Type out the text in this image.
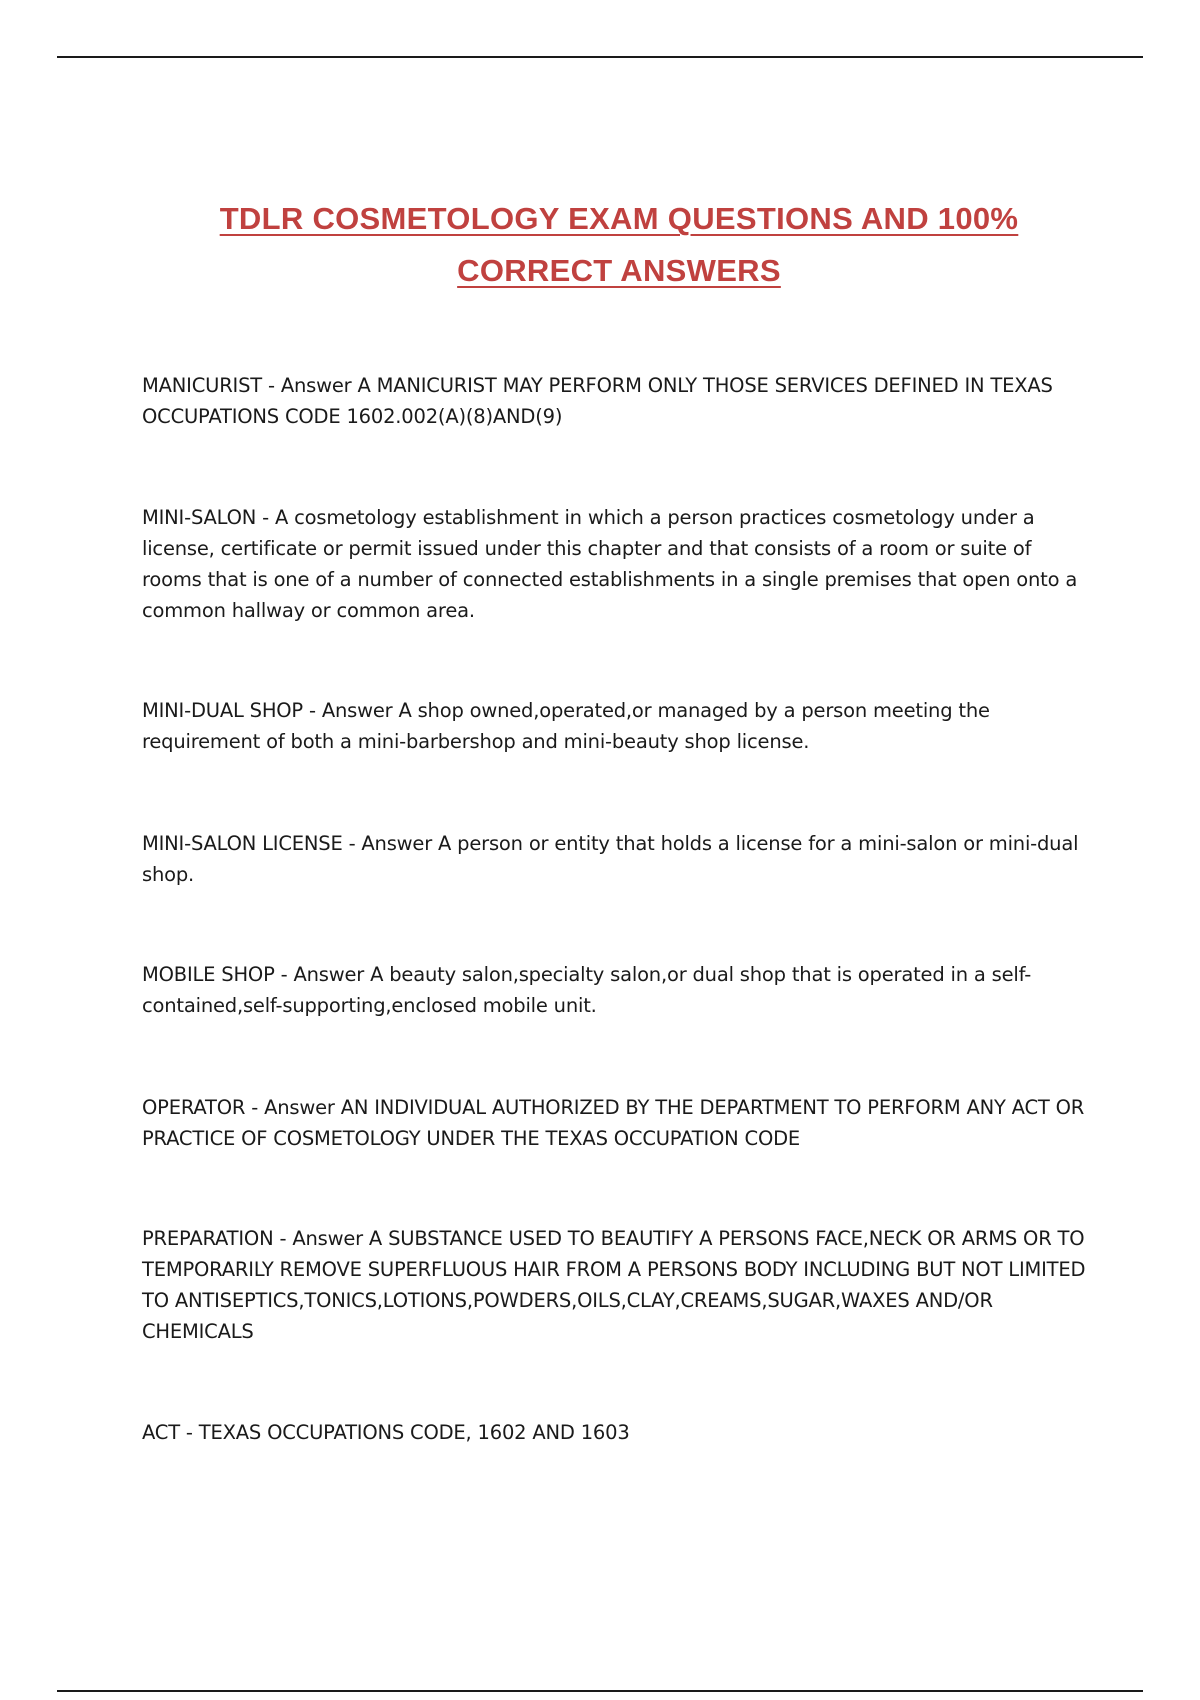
TDLR COSMETOLOGY EXAM QUESTIONS AND 100%
CORRECT ANSWERS
MANICURIST - Answer A MANICURIST MAY PERFORM ONLY THOSE SERVICES DEFINED IN TEXAS OCCUPATIONS CODE 1602.002(A)(8)AND(9)
MINI-SALON - A cosmetology establishment in which a person practices cosmetology under a license, certificate or permit issued under this chapter and that consists of a room or suite of rooms that is one of a number of connected establishments in a single premises that open onto a common hallway or common area.
MINI-DUAL SHOP - Answer A shop owned,operated,or managed by a person meeting the requirement of both a mini-barbershop and mini-beauty shop license.
MINI-SALON LICENSE - Answer A person or entity that holds a license for a mini-salon or mini-dual shop.
MOBILE SHOP - Answer A beauty salon,specialty salon,or dual shop that is operated in a self-contained,self-supporting,enclosed mobile unit.
OPERATOR - Answer AN INDIVIDUAL AUTHORIZED BY THE DEPARTMENT TO PERFORM ANY ACT OR PRACTICE OF COSMETOLOGY UNDER THE TEXAS OCCUPATION CODE
PREPARATION - Answer A SUBSTANCE USED TO BEAUTIFY A PERSONS FACE,NECK OR ARMS OR TO TEMPORARILY REMOVE SUPERFLUOUS HAIR FROM A PERSONS BODY INCLUDING BUT NOT LIMITED TO ANTISEPTICS,TONICS,LOTIONS,POWDERS,OILS,CLAY,CREAMS,SUGAR,WAXES AND/OR CHEMICALS
ACT - TEXAS OCCUPATIONS CODE, 1602 AND 1603
